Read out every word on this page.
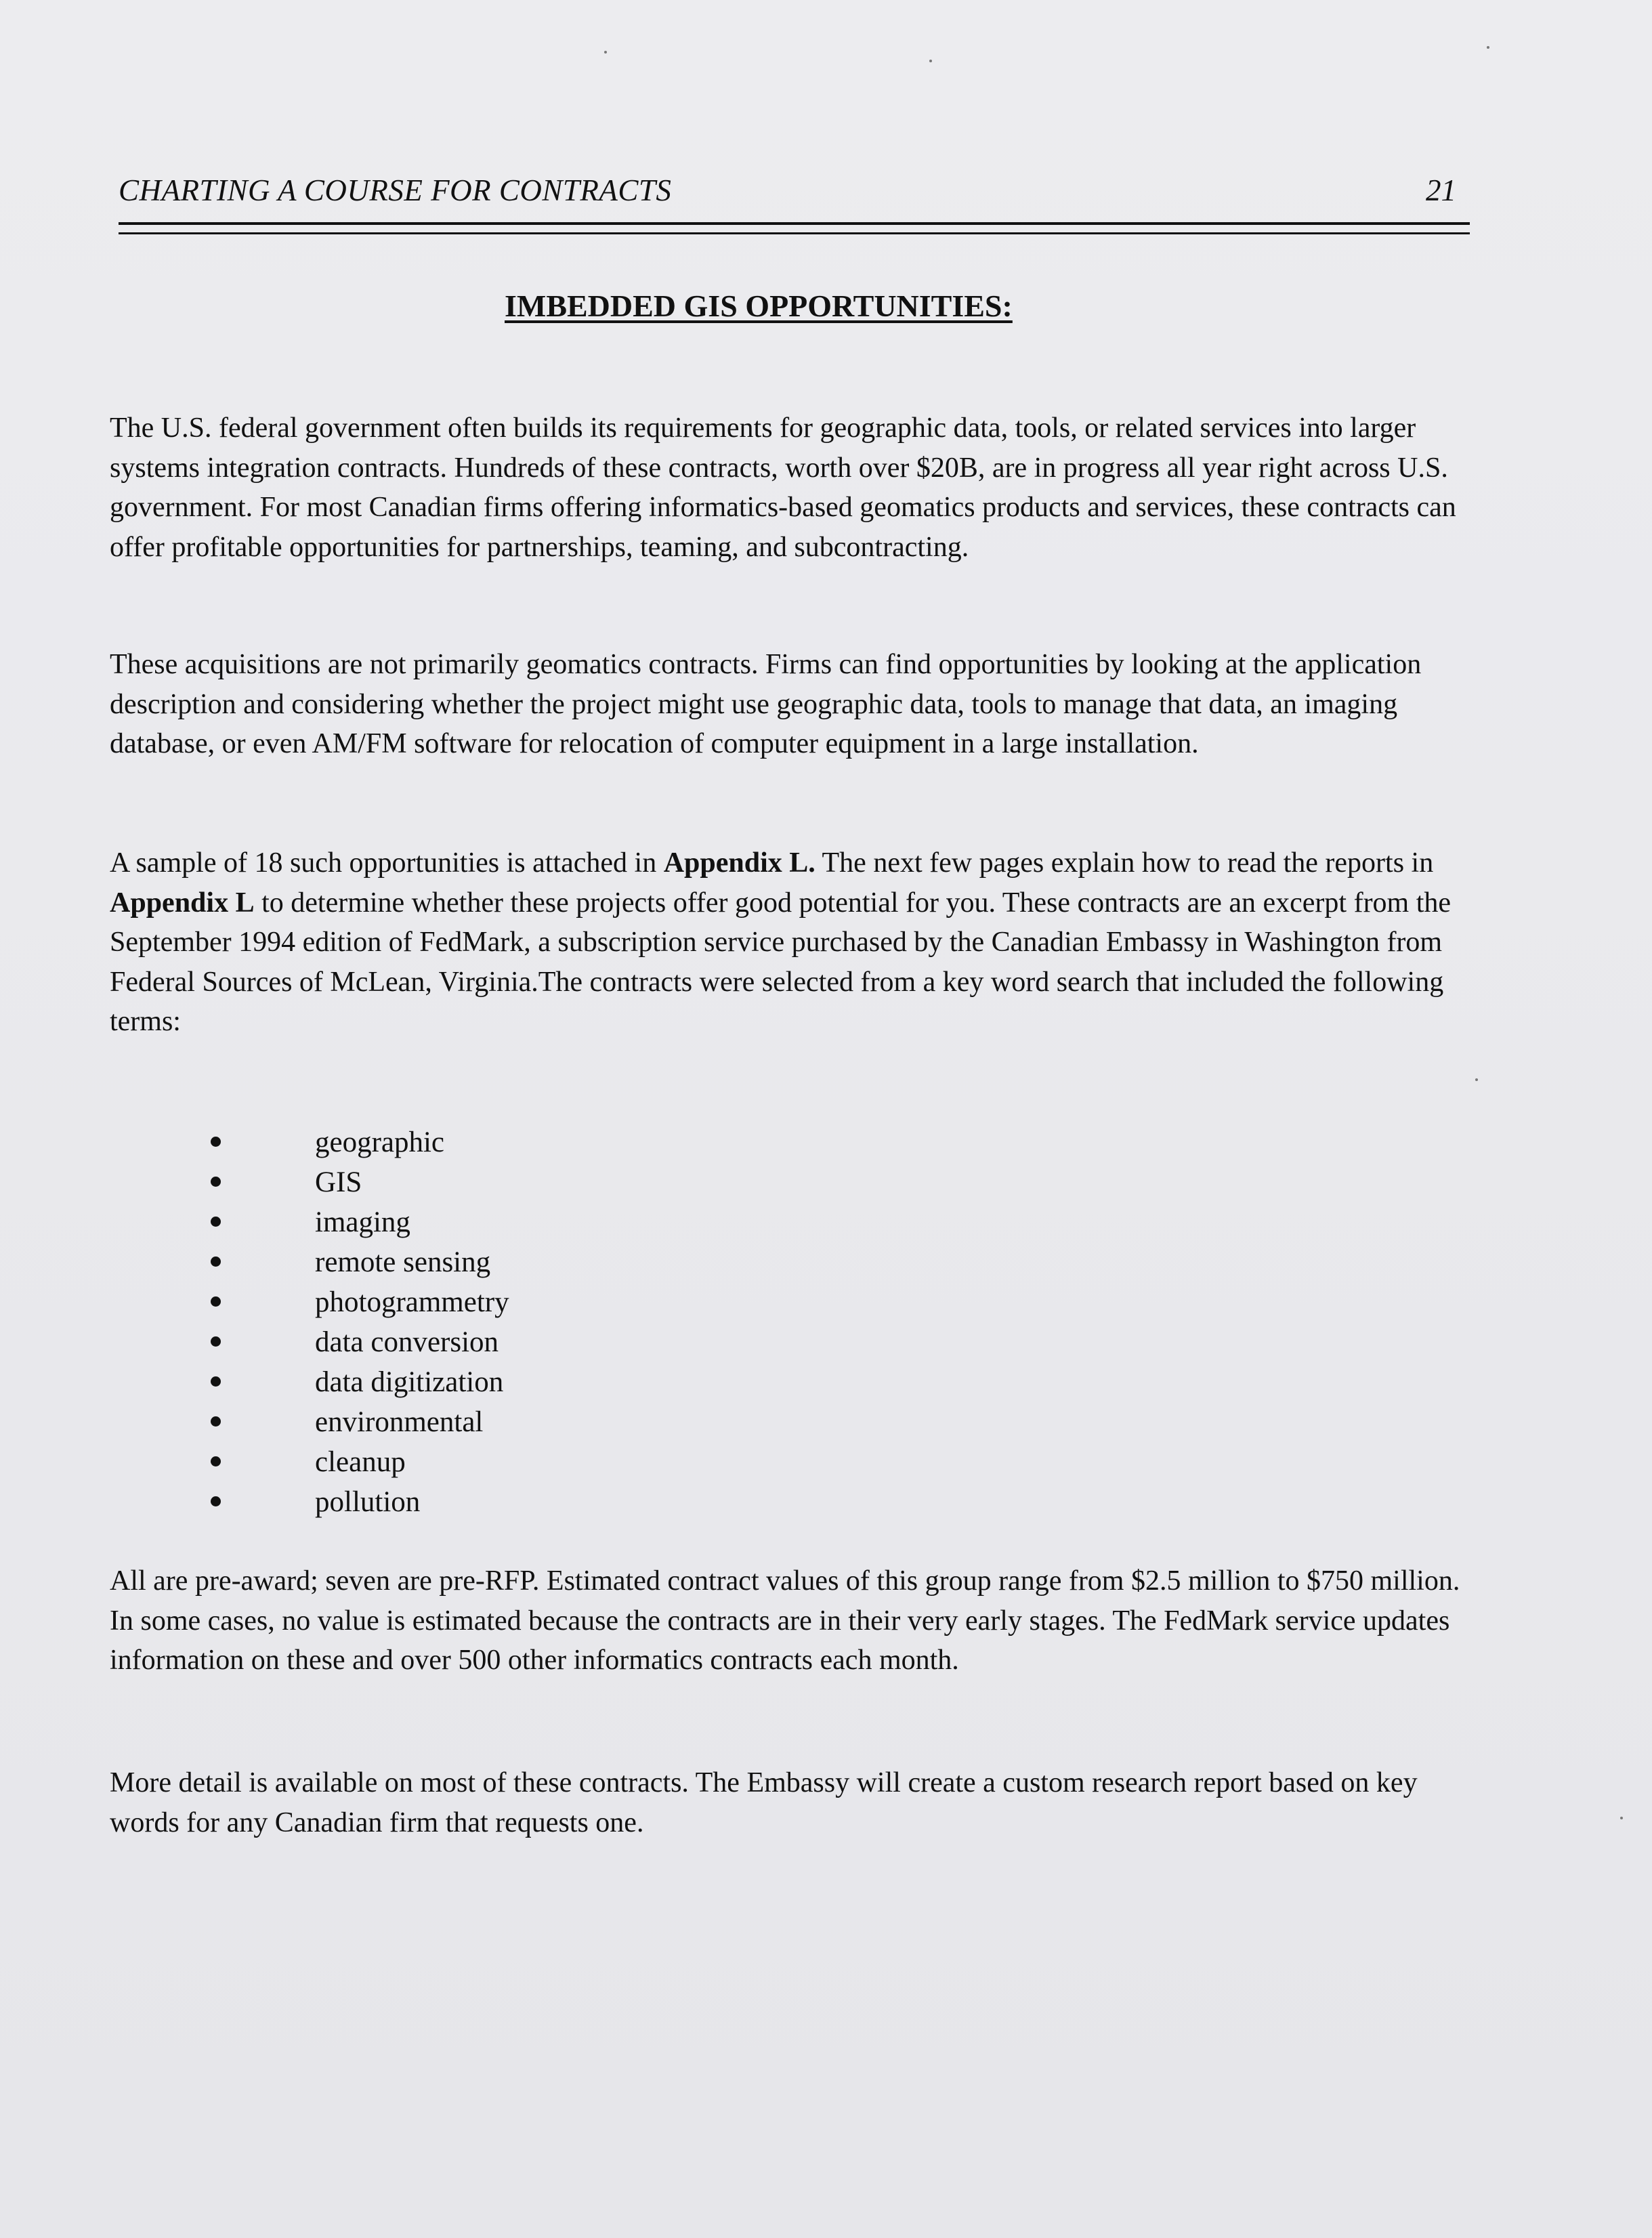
CHARTING A COURSE FOR CONTRACTS	21
IMBEDDED GIS OPPORTUNITIES:

The U.S. federal government often builds its requirements for geographic data, tools, or related services into larger systems integration contracts. Hundreds of these contracts, worth over $20B, are in progress all year right across U.S. government. For most Canadian firms offering informatics-based geomatics products and services, these contracts can offer profitable opportunities for partnerships, teaming, and subcontracting.

These acquisitions are not primarily geomatics contracts. Firms can find opportunities by looking at the application description and considering whether the project might use geographic data, tools to manage that data, an imaging database, or even AM/FM software for relocation of computer equipment in a large installation.

A sample of 18 such opportunities is attached in Appendix L. The next few pages explain how to read the reports in Appendix L to determine whether these projects offer good potential for you. These contracts are an excerpt from the September 1994 edition of FedMark, a subscription service purchased by the Canadian Embassy in Washington from Federal Sources of McLean, Virginia.The contracts were selected from a key word search that included the following terms:

geographic
GIS
imaging
remote sensing
photogrammetry
data conversion
data digitization
environmental
cleanup
pollution

All are pre-award; seven are pre-RFP. Estimated contract values of this group range from $2.5 million to $750 million. In some cases, no value is estimated because the contracts are in their very early stages. The FedMark service updates information on these and over 500 other informatics contracts each month.

More detail is available on most of these contracts. The Embassy will create a custom research report based on key words for any Canadian firm that requests one.
